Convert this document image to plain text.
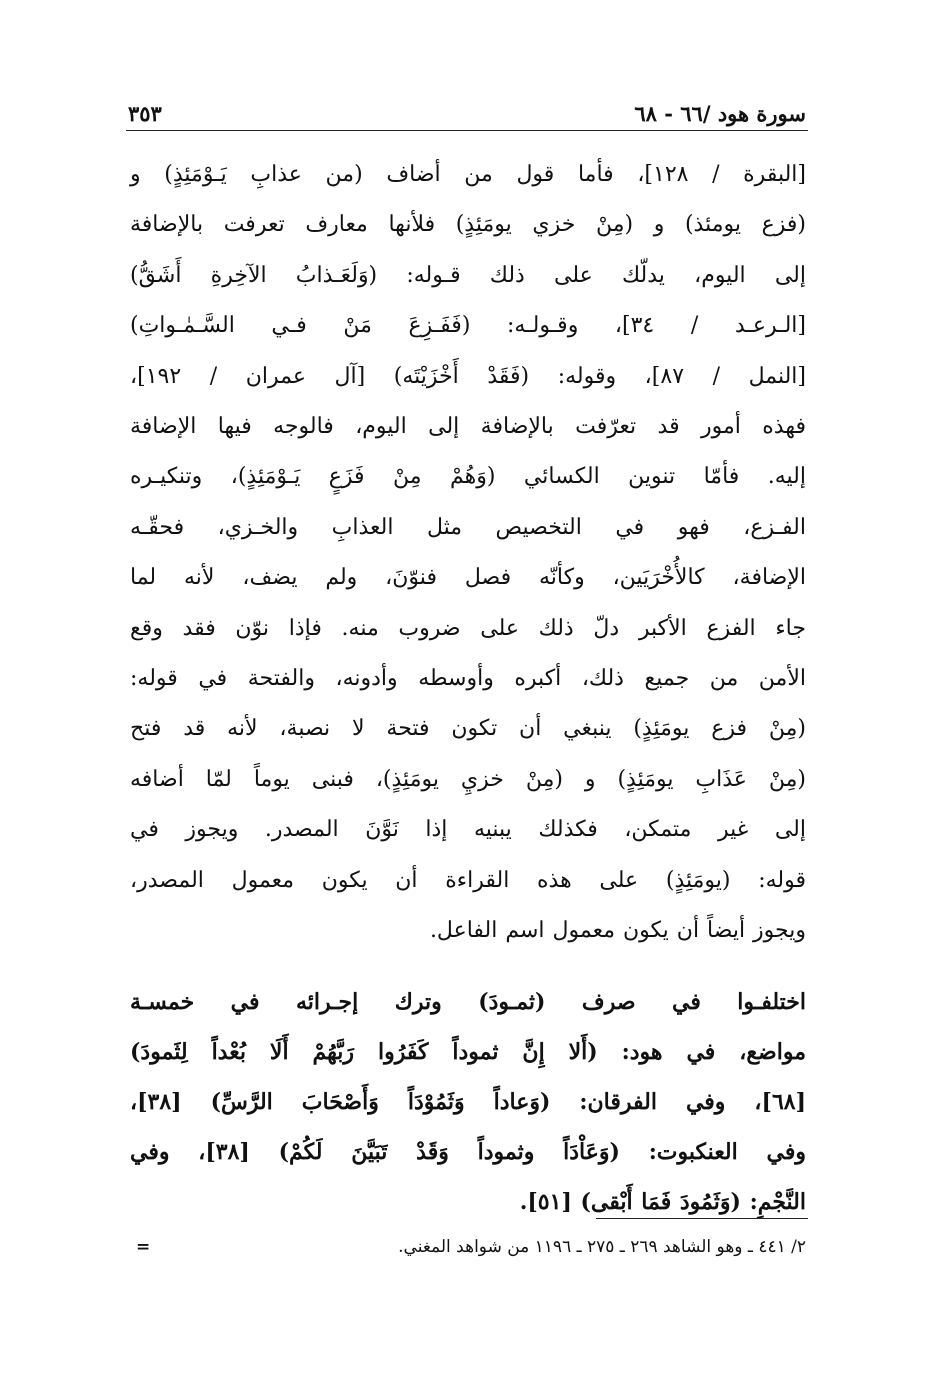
سورة هود /٦٦ - ٦٨
٣٥٣

[البقرة / ١٢٨]، فأما قول من أضاف (من عذابِ يَـوْمَئِذٍ) و
(فزع يومئذ) و (مِنْ خزي يومَئِذٍ) فلأنها معارف تعرفت بالإضافة
إلى اليوم، يدلّك على ذلك قـوله: (وَلَعَـذابُ الآخِرةِ أَشَقُّ)
[الـرعـد / ٣٤]، وقـولـه: (فَفَـزِعَ مَنْ فـي السَّـمٰـواتِ)
[النمل / ٨٧]، وقوله: (فَقَدْ أَخْزَيْتَه) [آل عمران / ١٩٢]،
فهذه أمور قد تعرّفت بالإضافة إلى اليوم، فالوجه فيها الإضافة
إليه. فأمّا تنوين الكسائي (وَهُمْ مِنْ فَزَعٍ يَـوْمَئِذٍ)، وتنكيـره
الفـزع، فهو في التخصيص مثل العذابِ والخـزي، فحقّـه
الإضافة، كالأُخْرَيَين، وكأنّه فصل فنوّنَ، ولم يضف، لأنه لما
جاء الفزع الأكبر دلّ ذلك على ضروب منه. فإذا نوّن فقد وقع
الأمن من جميع ذلك، أكبره وأوسطه وأدونه، والفتحة في قوله:
(مِنْ فزع يومَئِذٍ) ينبغي أن تكون فتحة لا نصبة، لأنه قد فتح
(مِنْ عَذَابِ يومَئِذٍ) و (مِنْ خزيِ يومَئِذٍ)، فبنى يوماً لمّا أضافه
إلى غير متمكن، فكذلك يبنيه إذا نَوَّنَ المصدر. ويجوز في
قوله: (يومَئِذٍ) على هذه القراءة أن يكون معمول المصدر،
ويجوز أيضاً أن يكون معمول اسم الفاعل.

اختلفـوا في صرف (ثمـودَ) وترك إجـرائه في خمسـة
مواضع، في هود: (أَلا إِنَّ ثموداً كَفَرُوا رَبَّهُمْ أَلَا بُعْداً لِثَمودَ)
[٦٨]، وفي الفرقان: (وَعاداً وَثَمُوْدَاً وَأَصْحَابَ الرَّسِّ) [٣٨]،
وفي العنكبوت: (وَعَاْدَاً وثموداً وَقَدْ تَبَيَّنَ لَكُمْ) [٣٨]، وفي
النَّجْمِ: (وَثَمُودَ فَمَا أَبْقى) [٥١].

٢/ ٤٤١ ـ وهو الشاهد ٢٦٩ ـ ٢٧٥ ـ ١١٩٦ من شواهد المغني.
=
